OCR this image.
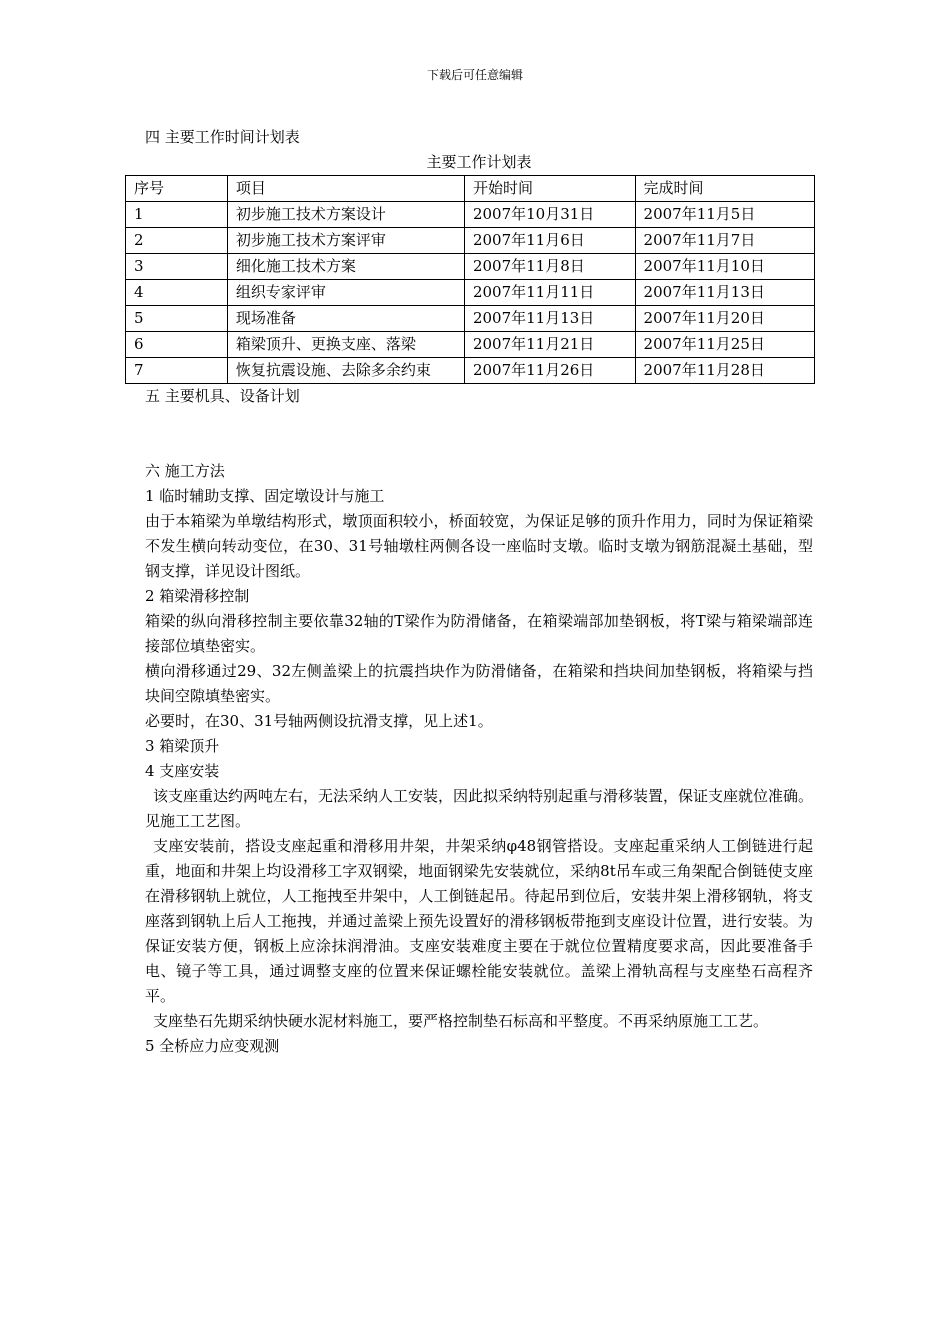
下载后可任意编辑

四 主要工作时间计划表

主要工作计划表

序号	项目	开始时间	完成时间
1	初步施工技术方案设计	2007年10月31日	2007年11月5日
2	初步施工技术方案评审	2007年11月6日	2007年11月7日
3	细化施工技术方案	2007年11月8日	2007年11月10日
4	组织专家评审	2007年11月11日	2007年11月13日
5	现场准备	2007年11月13日	2007年11月20日
6	箱梁顶升、更换支座、落梁	2007年11月21日	2007年11月25日
7	恢复抗震设施、去除多余约束	2007年11月26日	2007年11月28日

五 主要机具、设备计划

六 施工方法

1 临时辅助支撑、固定墩设计与施工

由于本箱梁为单墩结构形式，墩顶面积较小，桥面较宽，为保证足够的顶升作用力，同时为保证箱梁不发生横向转动变位，在30、31号轴墩柱两侧各设一座临时支墩。临时支墩为钢筋混凝土基础，型钢支撑，详见设计图纸。

2 箱梁滑移控制

箱梁的纵向滑移控制主要依靠32轴的T梁作为防滑储备，在箱梁端部加垫钢板，将T梁与箱梁端部连接部位填垫密实。

横向滑移通过29、32左侧盖梁上的抗震挡块作为防滑储备，在箱梁和挡块间加垫钢板，将箱梁与挡块间空隙填垫密实。

必要时，在30、31号轴两侧设抗滑支撑，见上述1。

3 箱梁顶升

4 支座安装

该支座重达约两吨左右，无法采纳人工安装，因此拟采纳特别起重与滑移装置，保证支座就位准确。见施工工艺图。

支座安装前，搭设支座起重和滑移用井架，井架采纳φ48钢管搭设。支座起重采纳人工倒链进行起重，地面和井架上均设滑移工字双钢梁，地面钢梁先安装就位，采纳8t吊车或三角架配合倒链使支座在滑移钢轨上就位，人工拖拽至井架中，人工倒链起吊。待起吊到位后，安装井架上滑移钢轨，将支座落到钢轨上后人工拖拽，并通过盖梁上预先设置好的滑移钢板带拖到支座设计位置，进行安装。为保证安装方便，钢板上应涂抹润滑油。支座安装难度主要在于就位位置精度要求高，因此要准备手电、镜子等工具，通过调整支座的位置来保证螺栓能安装就位。盖梁上滑轨高程与支座垫石高程齐平。

支座垫石先期采纳快硬水泥材料施工，要严格控制垫石标高和平整度。不再采纳原施工工艺。

5 全桥应力应变观测
